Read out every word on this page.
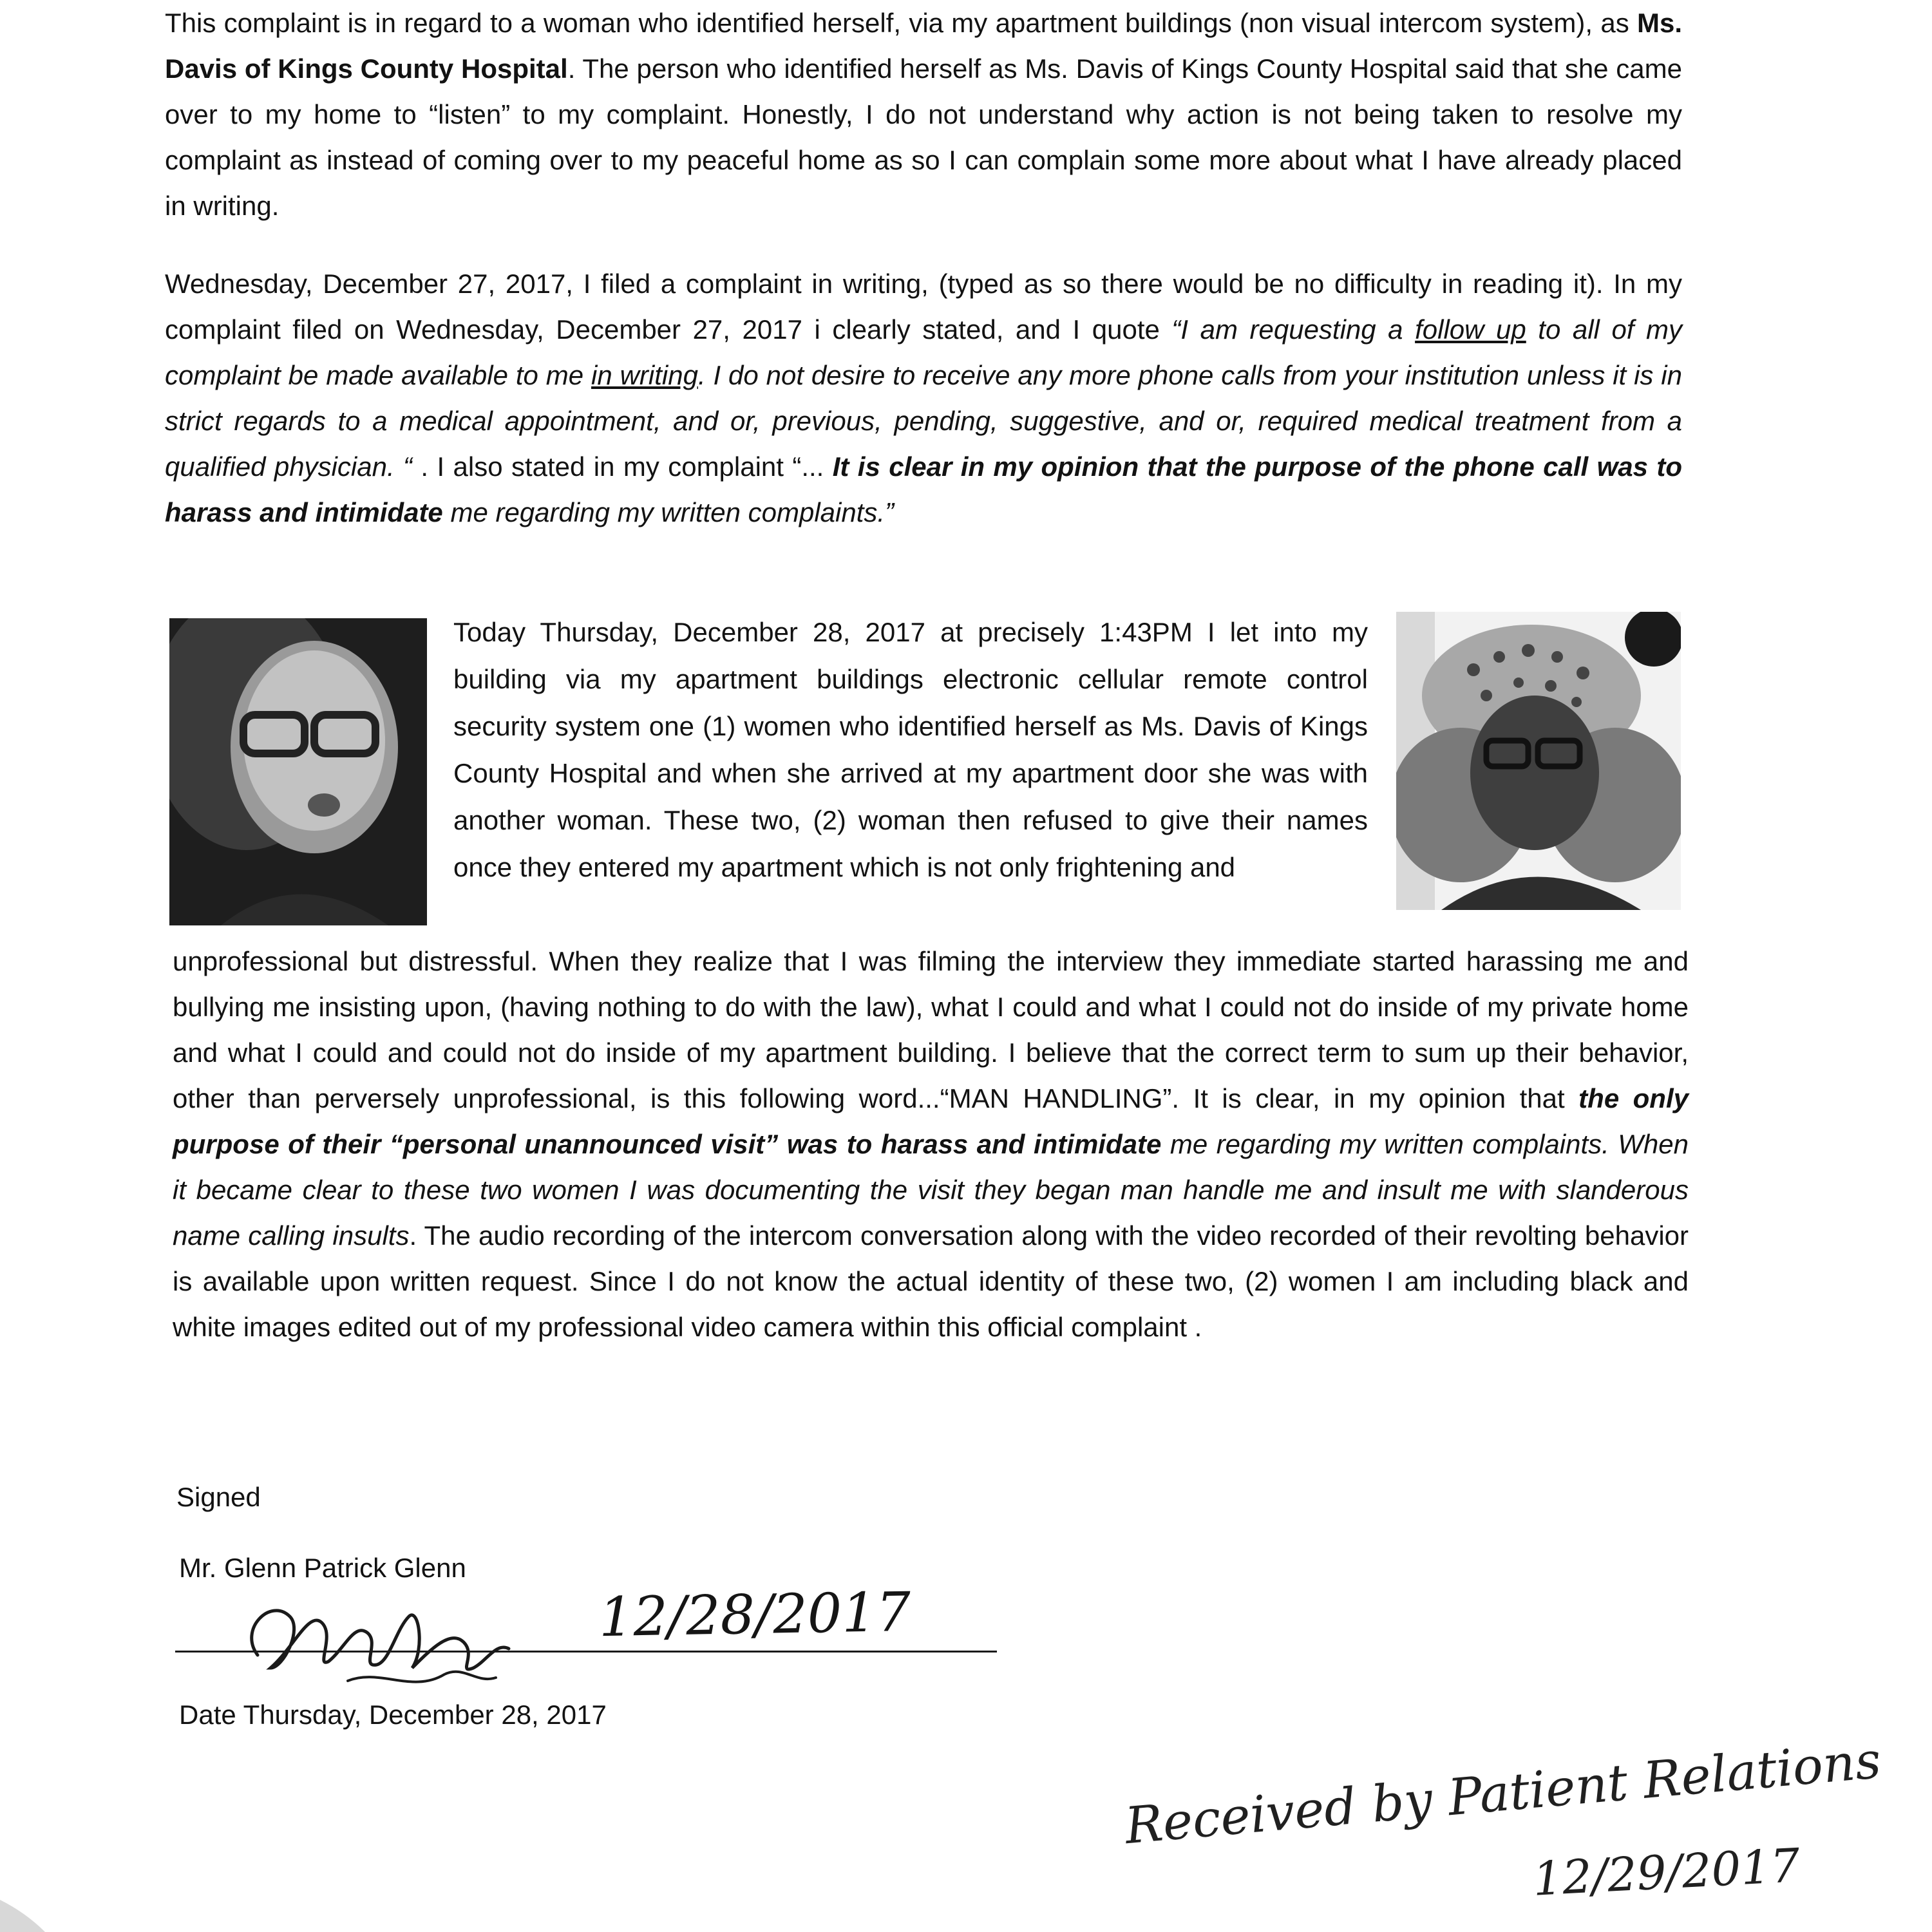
This complaint is in regard to a woman who identified herself, via my apartment buildings (non visual intercom system), as Ms. Davis of Kings County Hospital. The person who identified herself as Ms. Davis of Kings County Hospital said that she came over to my home to “listen” to my complaint. Honestly, I do not understand why action is not being taken to resolve my complaint as instead of coming over to my peaceful home as so I can complain some more about what I have already placed in writing.

Wednesday, December 27, 2017, I filed a complaint in writing, (typed as so there would be no difficulty in reading it). In my complaint filed on Wednesday, December 27, 2017 i clearly stated, and I quote “I am requesting a follow up to all of my complaint be made available to me in writing. I do not desire to receive any more phone calls from your institution unless it is in strict regards to a medical appointment, and or, previous, pending, suggestive, and or, required medical treatment from a qualified physician. “ . I also stated in my complaint “... It is clear in my opinion that the purpose of the phone call was to harass and intimidate me regarding my written complaints.”

Today Thursday, December 28, 2017 at precisely 1:43PM I let into my building via my apartment buildings electronic cellular remote control security system one (1) women who identified herself as Ms. Davis of Kings County Hospital and when she arrived at my apartment door she was with another woman. These two, (2) woman then refused to give their names once they entered my apartment which is not only frightening and

unprofessional but distressful. When they realize that I was filming the interview they immediate started harassing me and bullying me insisting upon, (having nothing to do with the law), what I could and what I could not do inside of my private home and what I could and could not do inside of my apartment building. I believe that the correct term to sum up their behavior, other than perversely unprofessional, is this following word...“MAN HANDLING”. It is clear, in my opinion that the only purpose of their “personal unannounced visit” was to harass and intimidate me regarding my written complaints. When it became clear to these two women I was documenting the visit they began man handle me and insult me with slanderous name calling insults. The audio recording of the intercom conversation along with the video recorded of their revolting behavior is available upon written request. Since I do not know the actual identity of these two, (2) women I am including black and white images edited out of my professional video camera within this official complaint .

Signed
Mr. Glenn Patrick Glenn
12/28/2017
Date Thursday, December 28, 2017
Received by Patient Relations
12/29/2017
